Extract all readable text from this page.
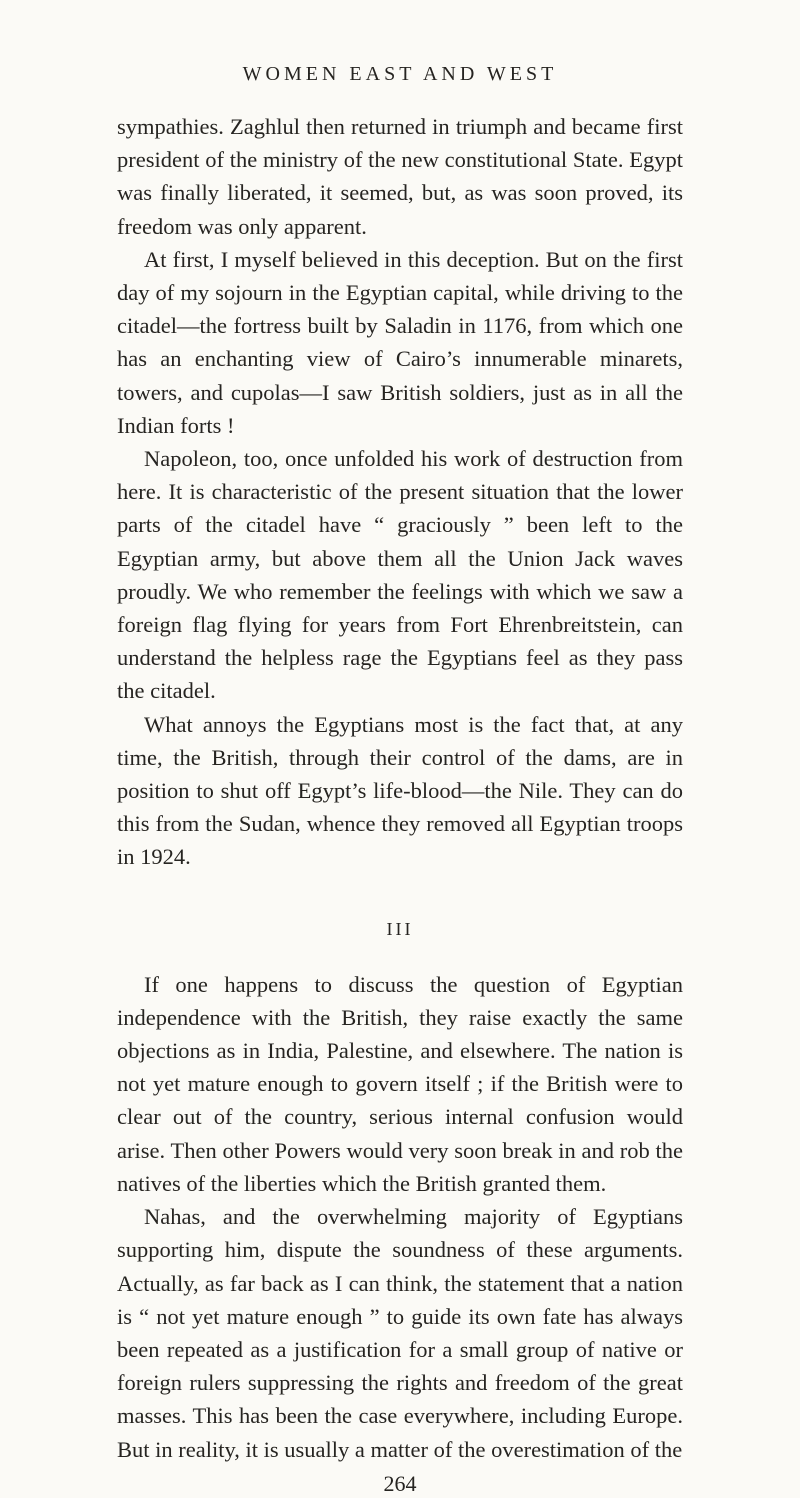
WOMEN EAST AND WEST

sympathies. Zaghlul then returned in triumph and became first president of the ministry of the new constitutional State. Egypt was finally liberated, it seemed, but, as was soon proved, its freedom was only apparent.

At first, I myself believed in this deception. But on the first day of my sojourn in the Egyptian capital, while driving to the citadel—the fortress built by Saladin in 1176, from which one has an enchanting view of Cairo’s innumerable minarets, towers, and cupolas—I saw British soldiers, just as in all the Indian forts !

Napoleon, too, once unfolded his work of destruction from here. It is characteristic of the present situation that the lower parts of the citadel have “ graciously ” been left to the Egyptian army, but above them all the Union Jack waves proudly. We who remember the feelings with which we saw a foreign flag flying for years from Fort Ehrenbreitstein, can understand the helpless rage the Egyptians feel as they pass the citadel.

What annoys the Egyptians most is the fact that, at any time, the British, through their control of the dams, are in position to shut off Egypt’s life-blood—the Nile. They can do this from the Sudan, whence they removed all Egyptian troops in 1924.

III

If one happens to discuss the question of Egyptian independence with the British, they raise exactly the same objections as in India, Palestine, and elsewhere. The nation is not yet mature enough to govern itself ; if the British were to clear out of the country, serious internal confusion would arise. Then other Powers would very soon break in and rob the natives of the liberties which the British granted them.

Nahas, and the overwhelming majority of Egyptians supporting him, dispute the soundness of these arguments. Actually, as far back as I can think, the statement that a nation is “ not yet mature enough ” to guide its own fate has always been repeated as a justification for a small group of native or foreign rulers suppressing the rights and freedom of the great masses. This has been the case everywhere, including Europe. But in reality, it is usually a matter of the overestimation of the

264
